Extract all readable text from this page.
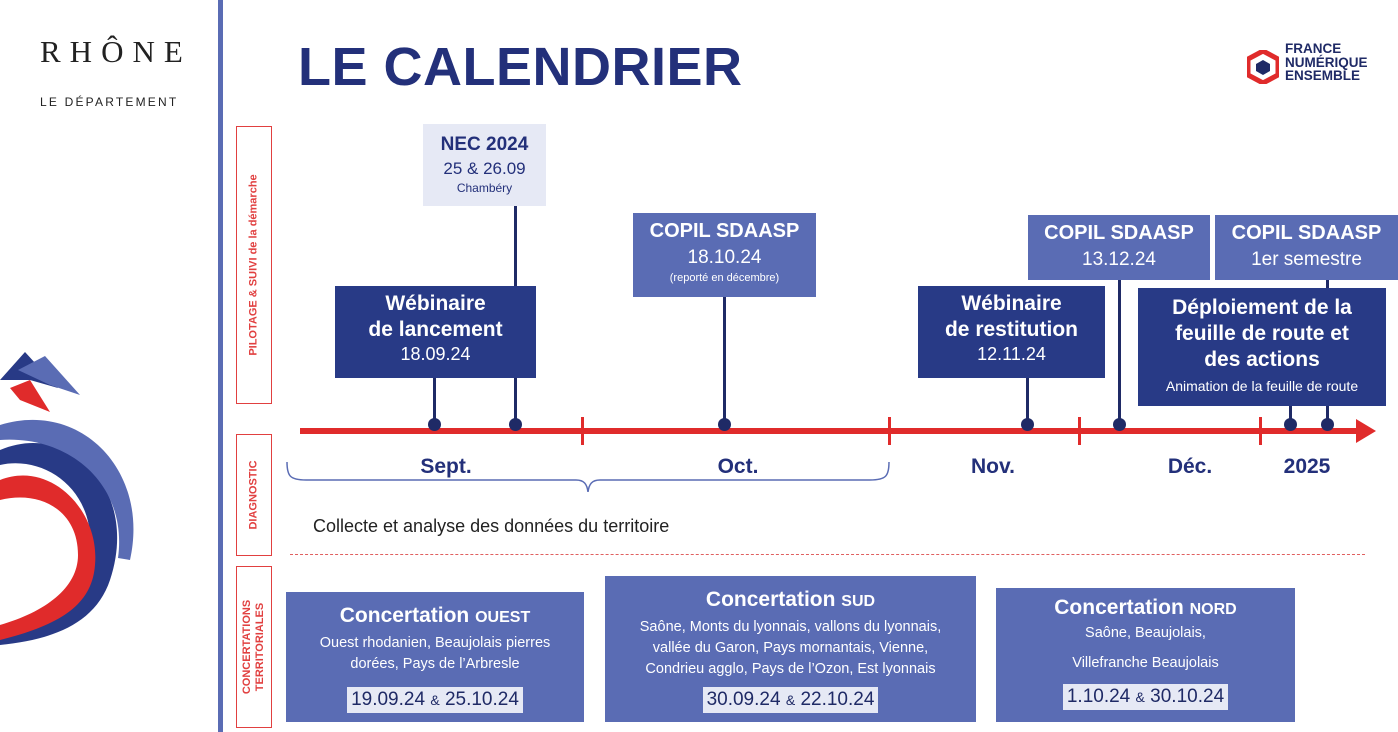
RHÔNE
LE DÉPARTEMENT
LE CALENDRIER	FRANCE
NUMÉRIQUE
ENSEMBLE
PILOTAGE & SUIVI de la démarche
DIAGNOSTIC
CONCERTATIONS TERRITORIALES
Sept.	Oct.	Nov.	Déc.	2025
NEC 2024
25 & 26.09
Chambéry
Wébinaire
de lancement
18.09.24
COPIL SDAASP
18.10.24
(reporté en décembre)
Wébinaire
de restitution
12.11.24
COPIL SDAASP
13.12.24
COPIL SDAASP
1er semestre
Déploiement de la
feuille de route et
des actions
Animation de la feuille de route
Collecte et analyse des données du territoire
Concertation OUEST
Ouest rhodanien, Beaujolais pierres
dorées, Pays de l’Arbresle
19.09.24 & 25.10.24
Concertation SUD
Saône, Monts du lyonnais, vallons du lyonnais,
vallée du Garon, Pays mornantais, Vienne,
Condrieu agglo, Pays de l’Ozon, Est lyonnais
30.09.24 & 22.10.24
Concertation NORD
Saône, Beaujolais,
Villefranche Beaujolais
1.10.24 & 30.10.24
